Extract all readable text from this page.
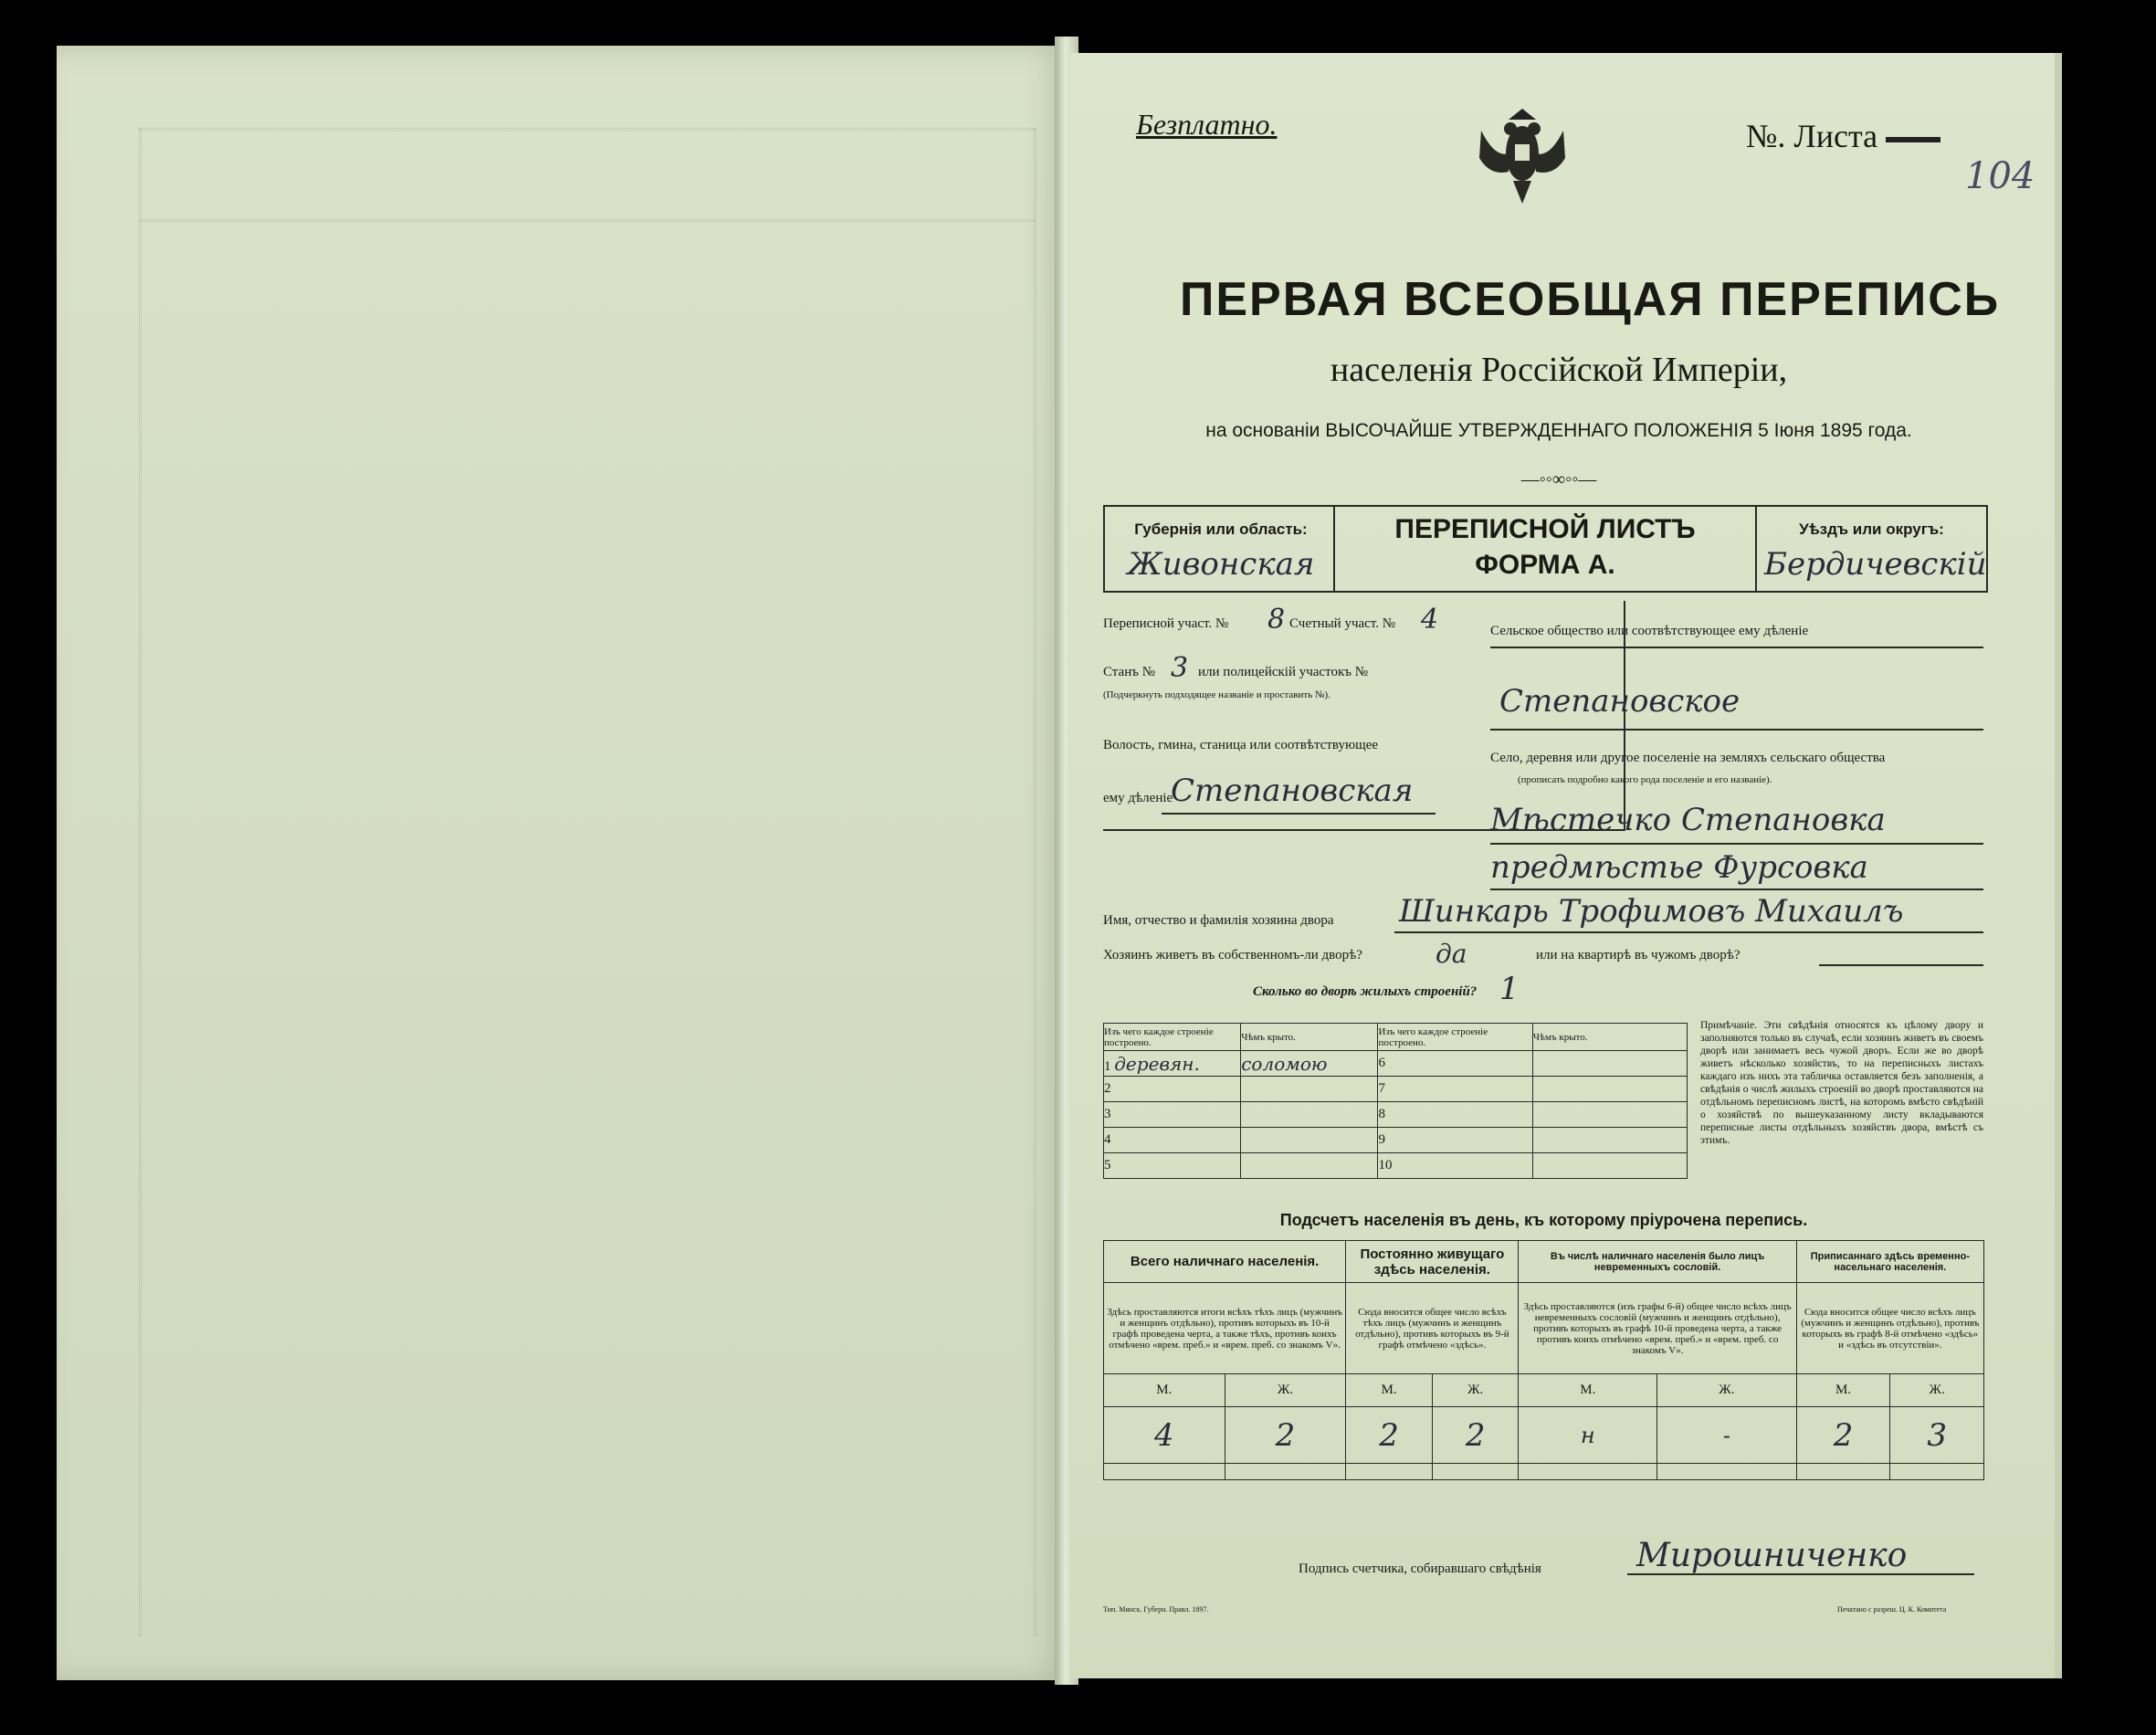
Безплатно.	№. Листа
104
ПЕРВАЯ ВСЕОБЩАЯ ПЕРЕПИСЬ
населенія Россійской Имперіи,
на основаніи ВЫСОЧАЙШЕ УТВЕРЖДЕННАГО ПОЛОЖЕНІЯ 5 Іюня 1895 года.
—◦◦∞◦◦—
Губернія или область:
Живонская
ПЕРЕПИСНОЙ ЛИСТЪ
ФОРМА А.
Уѣздъ или округъ:
Бердичевскій
Переписной участ. № 8 Счетный участ. № 4
Станъ № 3 или полицейскій участокъ №
(Подчеркнуть подходящее названіе и проставить №).
Волость, гмина, станица или соотвѣтствующее
ему дѣленіе
Степановская
Сельское общество или соотвѣтствующее ему дѣленіе
Степановское
Село, деревня или другое поселеніе на земляхъ сельскаго общества
(прописать подробно какого рода поселеніе и его названіе).
Мѣстечко Степановка
предмѣстье Фурсовка
Имя, отчество и фамилія хозяина двора Шинкарь Трофимовъ Михаилъ
Хозяинъ живетъ въ собственномъ-ли дворѣ?	да	или на квартирѣ въ чужомъ дворѣ?
Сколько во дворѣ жилыхъ строеній? 1
Изъ чего каждое строеніе построено.	Чѣмъ крыто.	Изъ чего каждое строеніе построено.	Чѣмъ крыто.
1 деревян.	соломою	6	
2		7	
3		8	
4		9	
5		10	
Примѣчаніе. Эти свѣдѣнія относятся къ цѣлому двору и заполняются только въ случаѣ, если хозяинъ живетъ въ своемъ дворѣ или занимаетъ весь чужой дворъ. Если же во дворѣ живетъ нѣсколько хозяйствъ, то на переписныхъ листахъ каждаго изъ нихъ эта табличка оставляется безъ заполненія, а свѣдѣнія о числѣ жилыхъ строеній во дворѣ проставляются на отдѣльномъ переписномъ листѣ, на которомъ вмѣсто свѣдѣній о хозяйствѣ по вышеуказанному листу вкладываются переписные листы отдѣльныхъ хозяйствъ двора, вмѣстѣ съ этимъ.
Подсчетъ населенія въ день, къ которому пріурочена перепись.
Всего наличнаго населенія.		Постоянно живущаго здѣсь населенія.		Въ числѣ наличнаго населенія было лицъ невременныхъ сословій.		Приписаннаго здѣсь временно-насельнаго населенія.	
Здѣсь проставляются итоги всѣхъ тѣхъ лицъ (мужчинъ и женщинъ отдѣльно), противъ которыхъ въ 10-й графѣ проведена черта, а также тѣхъ, противъ коихъ отмѣчено «врем. преб.» и «врем. преб. со знакомъ V».		Сюда вносится общее число всѣхъ тѣхъ лицъ (мужчинъ и женщинъ отдѣльно), противъ которыхъ въ 9-й графѣ отмѣчено «здѣсь».		Здѣсь проставляются (изъ графы 6-й) общее число всѣхъ лицъ невременныхъ сословій (мужчинъ и женщинъ отдѣльно), противъ которыхъ въ графѣ 10-й проведена черта, а также противъ коихъ отмѣчено «врем. преб.» и «врем. преб. со знакомъ V».		Сюда вносится общее число всѣхъ лицъ (мужчинъ и женщинъ отдѣльно), противъ которыхъ въ графѣ 8-й отмѣчено «здѣсь» и «здѣсь въ отсутствіи».	
М.	Ж.	М.	Ж.	М.	Ж.	М.	Ж.
4	2	2	2	н	-	2	3

Подпись счетчика, собиравшаго свѣдѣнія	Мирошниченко
Тип. Минск. Губерн. Правл. 1897.	Печатано с разреш. Ц. К. Комитета
